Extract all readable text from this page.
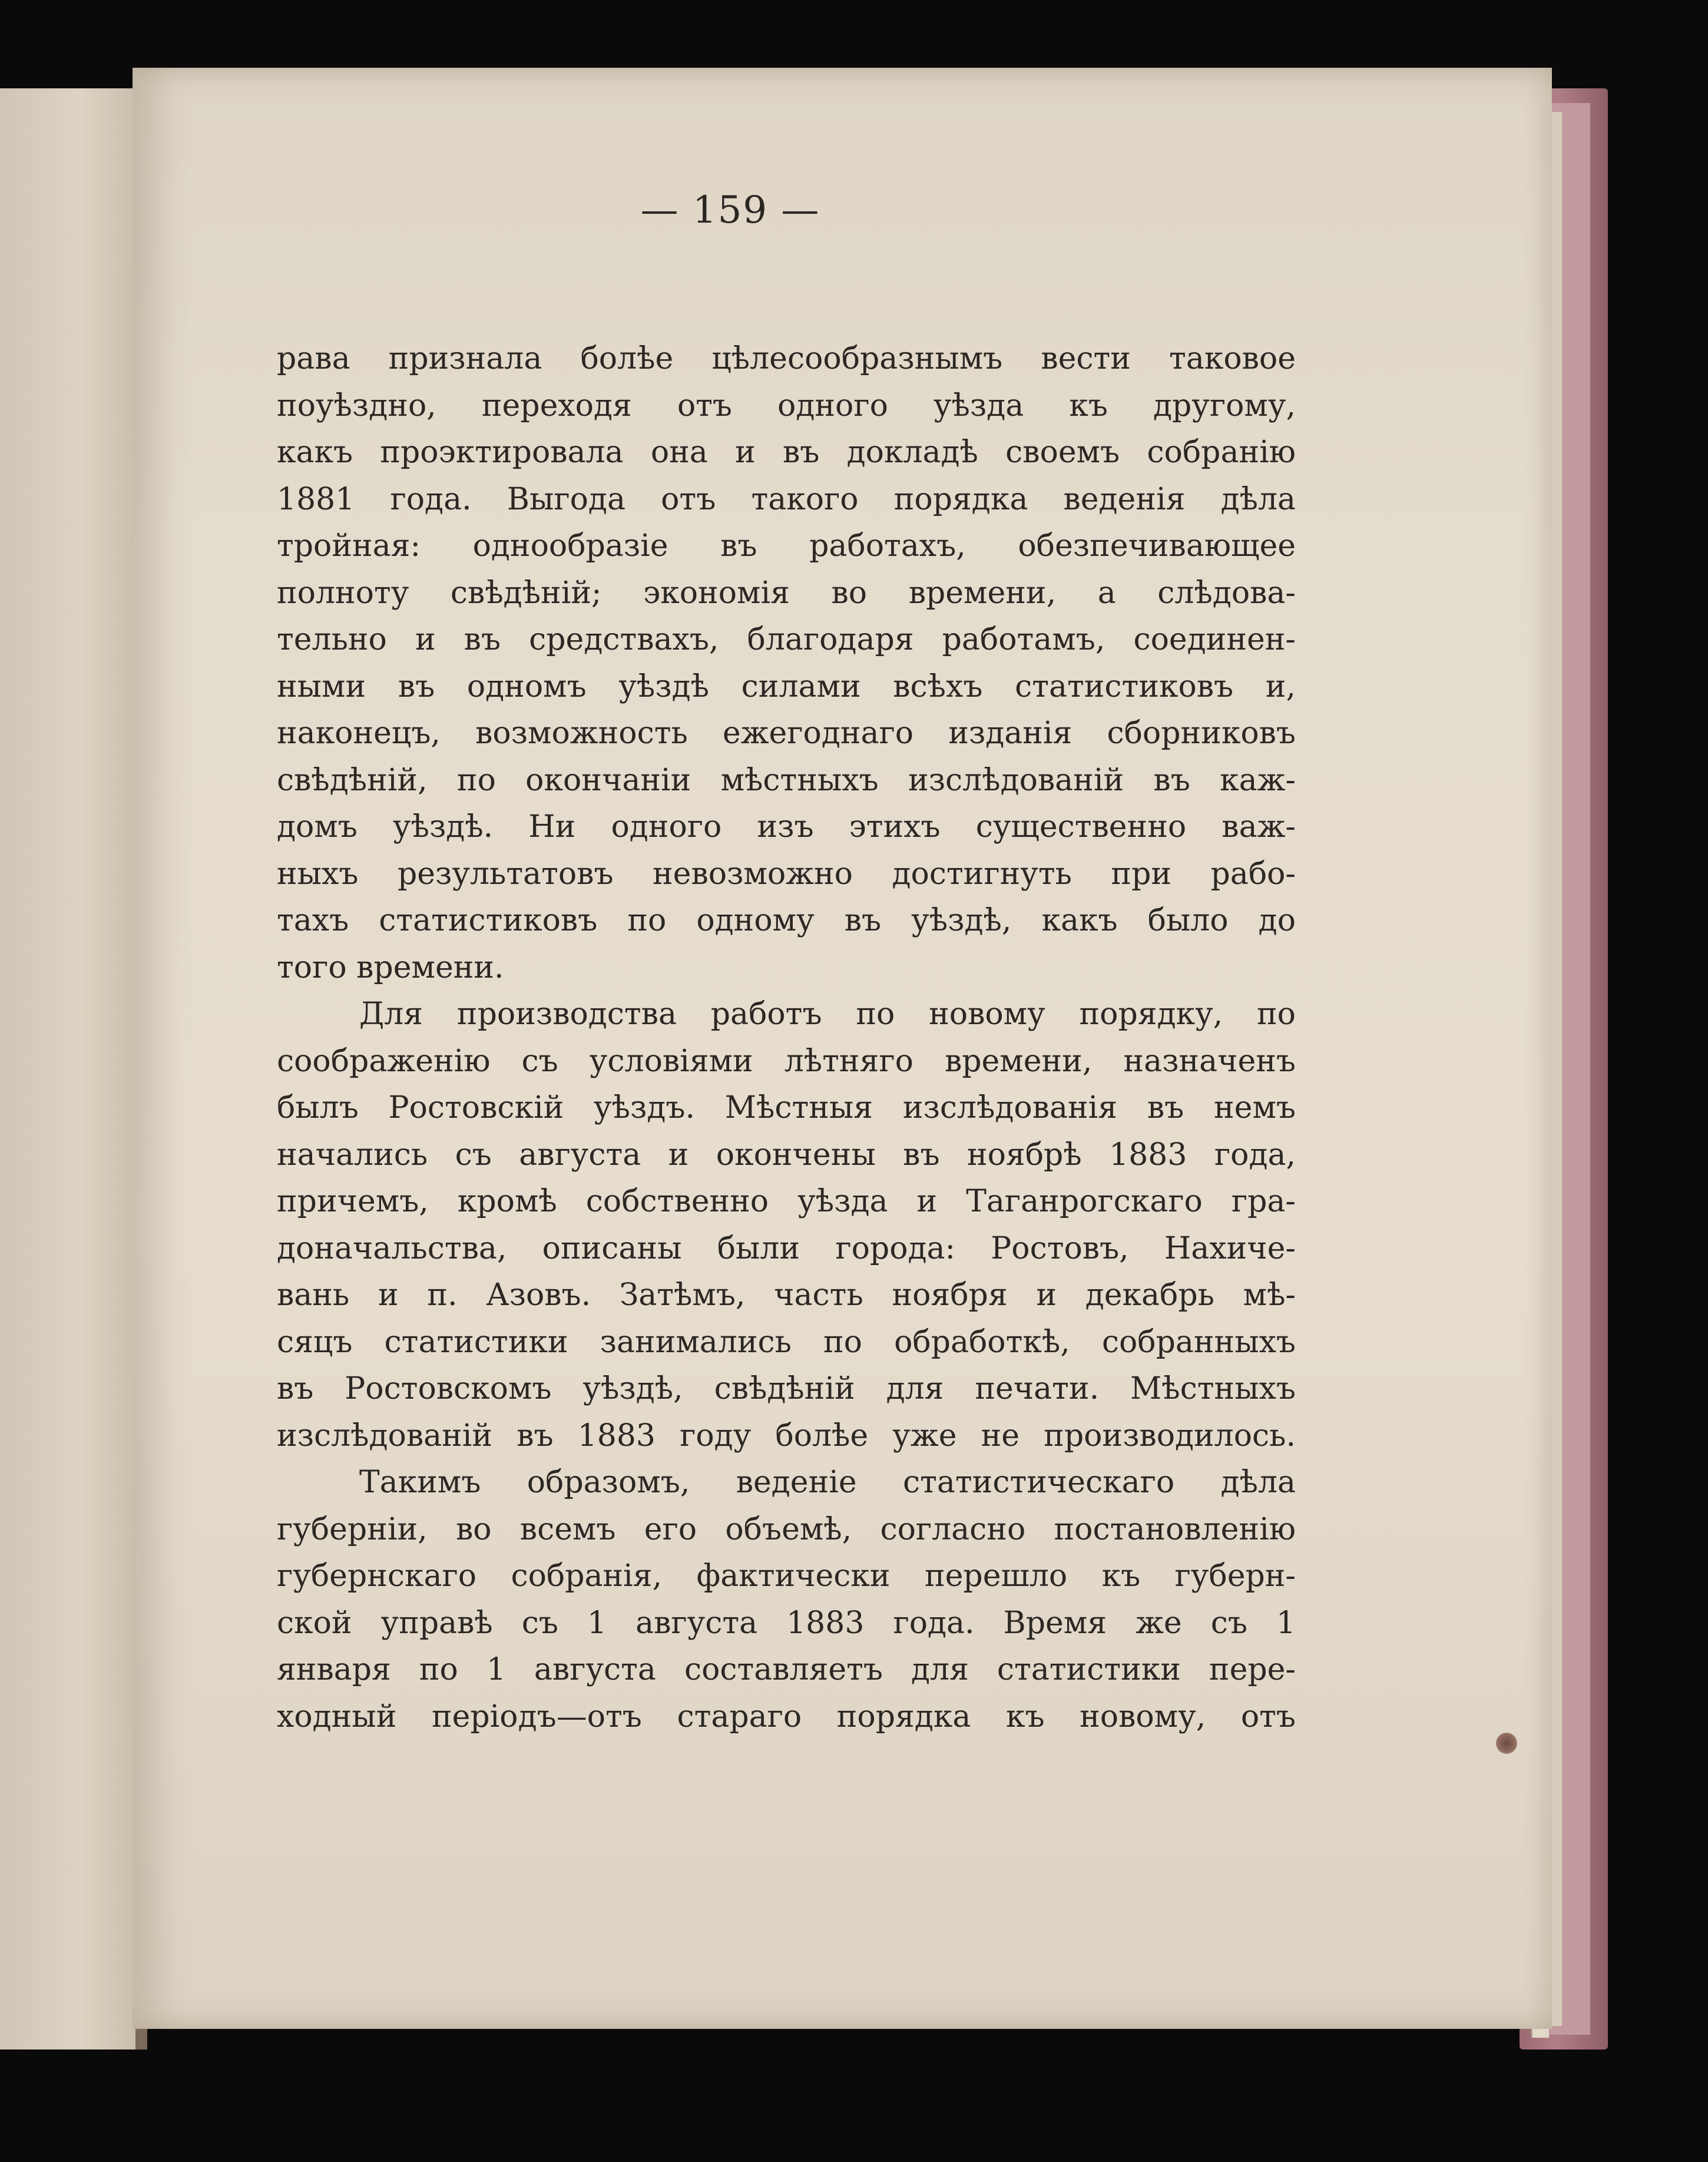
— 159 —
рава признала болѣе цѣлесообразнымъ вести таковое
поуѣздно, переходя отъ одного уѣзда къ другому,
какъ проэктировала она и въ докладѣ своемъ собранію
1881 года. Выгода отъ такого порядка веденія дѣла
тройная: однообразіе въ работахъ, обезпечивающее
полноту свѣдѣній; экономія во времени, а слѣдова-
тельно и въ средствахъ, благодаря работамъ, соединен-
ными въ одномъ уѣздѣ силами всѣхъ статистиковъ и,
наконецъ, возможность ежегоднаго изданія сборниковъ
свѣдѣній, по окончаніи мѣстныхъ изслѣдованій въ каж-
домъ уѣздѣ. Ни одного изъ этихъ существенно важ-
ныхъ результатовъ невозможно достигнуть при рабо-
тахъ статистиковъ по одному въ уѣздѣ, какъ было до
того времени.
Для производства работъ по новому порядку, по
соображенію съ условіями лѣтняго времени, назначенъ
былъ Ростовскій уѣздъ. Мѣстныя изслѣдованія въ немъ
начались съ августа и окончены въ ноябрѣ 1883 года,
причемъ, кромѣ собственно уѣзда и Таганрогскаго гра-
доначальства, описаны были города: Ростовъ, Нахиче-
вань и п. Азовъ. Затѣмъ, часть ноября и декабрь мѣ-
сяцъ статистики занимались по обработкѣ, собранныхъ
въ Ростовскомъ уѣздѣ, свѣдѣній для печати. Мѣстныхъ
изслѣдованій въ 1883 году болѣе уже не производилось.
Такимъ образомъ, веденіе статистическаго дѣла
губерніи, во всемъ его объемѣ, согласно постановленію
губернскаго собранія, фактически перешло къ губерн-
ской управѣ съ 1 августа 1883 года. Время же съ 1
января по 1 августа составляетъ для статистики пере-
ходный періодъ—отъ стараго порядка къ новому, отъ
